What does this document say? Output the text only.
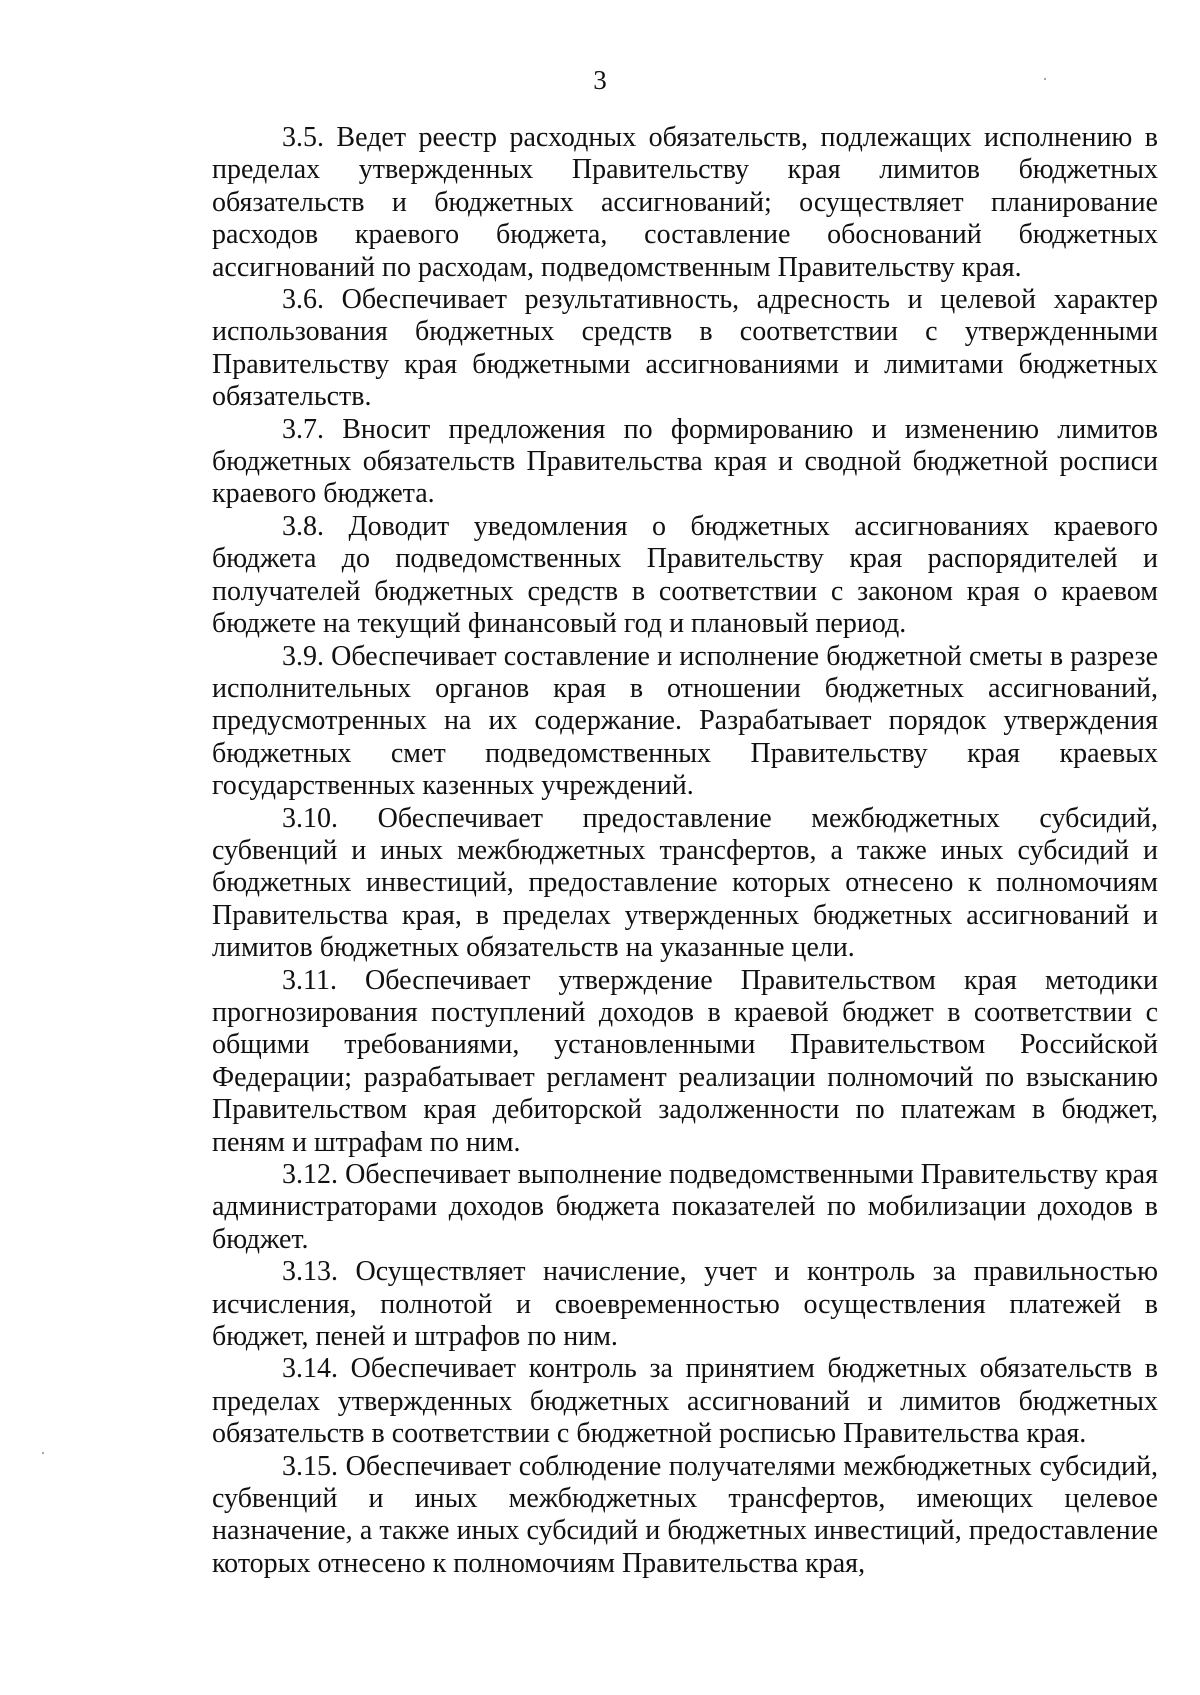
3

3.5. Ведет реестр расходных обязательств, подлежащих исполнению в пределах утвержденных Правительству края лимитов бюджетных обязательств и бюджетных ассигнований; осуществляет планирование расходов краевого бюджета, составление обоснований бюджетных ассигнований по расходам, подведомственным Правительству края.

3.6. Обеспечивает результативность, адресность и целевой характер использования бюджетных средств в соответствии с утвержденными Правительству края бюджетными ассигнованиями и лимитами бюджетных обязательств.

3.7. Вносит предложения по формированию и изменению лимитов бюджетных обязательств Правительства края и сводной бюджетной росписи краевого бюджета.

3.8. Доводит уведомления о бюджетных ассигнованиях краевого бюджета до подведомственных Правительству края распорядителей и получателей бюджетных средств в соответствии с законом края о краевом бюджете на текущий финансовый год и плановый период.

3.9. Обеспечивает составление и исполнение бюджетной сметы в разрезе исполнительных органов края в отношении бюджетных ассигнований, предусмотренных на их содержание. Разрабатывает порядок утверждения бюджетных смет подведомственных Правительству края краевых государственных казенных учреждений.

3.10. Обеспечивает предоставление межбюджетных субсидий, субвенций и иных межбюджетных трансфертов, а также иных субсидий и бюджетных инвестиций, предоставление которых отнесено к полномочиям Правительства края, в пределах утвержденных бюджетных ассигнований и лимитов бюджетных обязательств на указанные цели.

3.11. Обеспечивает утверждение Правительством края методики прогнозирования поступлений доходов в краевой бюджет в соответствии с общими требованиями, установленными Правительством Российской Федерации; разрабатывает регламент реализации полномочий по взысканию Правительством края дебиторской задолженности по платежам в бюджет, пеням и штрафам по ним.

3.12. Обеспечивает выполнение подведомственными Правительству края администраторами доходов бюджета показателей по мобилизации доходов в бюджет.

3.13. Осуществляет начисление, учет и контроль за правильностью исчисления, полнотой и своевременностью осуществления платежей в бюджет, пеней и штрафов по ним.

3.14. Обеспечивает контроль за принятием бюджетных обязательств в пределах утвержденных бюджетных ассигнований и лимитов бюджетных обязательств в соответствии с бюджетной росписью Правительства края.

3.15. Обеспечивает соблюдение получателями межбюджетных субсидий, субвенций и иных межбюджетных трансфертов, имеющих целевое назначение, а также иных субсидий и бюджетных инвестиций, предоставление которых отнесено к полномочиям Правительства края,
